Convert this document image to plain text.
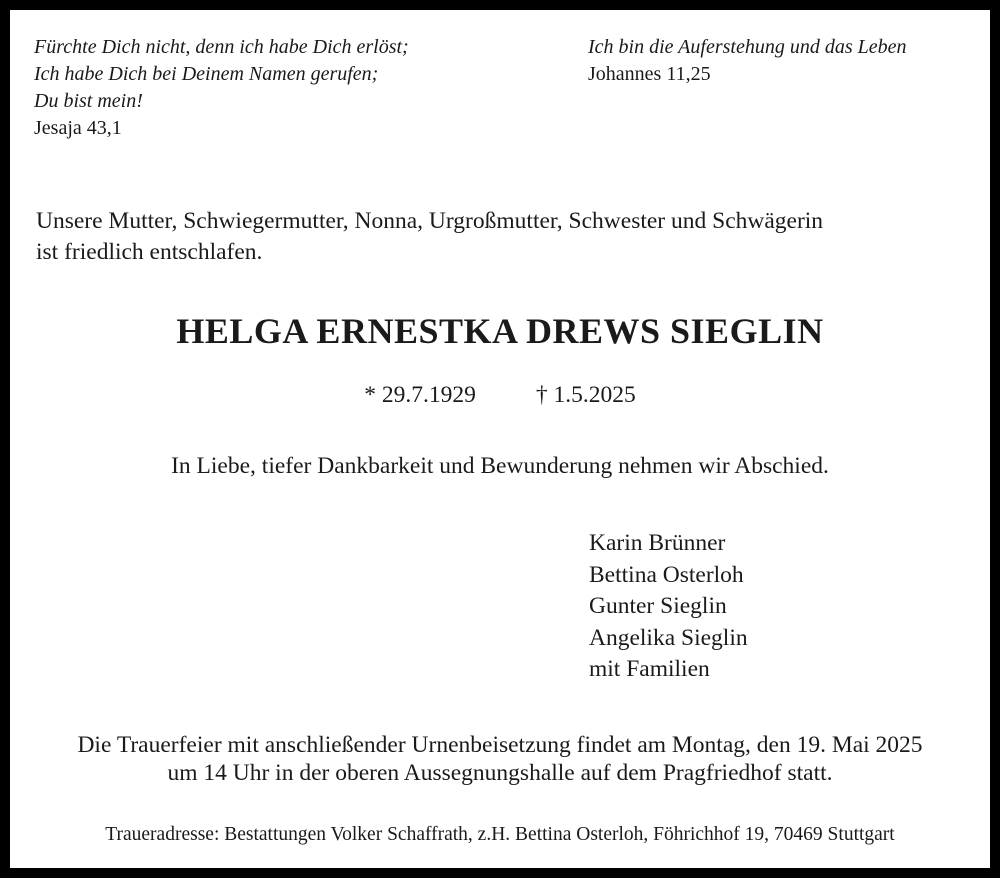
Fürchte Dich nicht, denn ich habe Dich erlöst;
Ich habe Dich bei Deinem Namen gerufen;
Du bist mein!
Jesaja 43,1
Ich bin die Auferstehung und das Leben
Johannes 11,25
Unsere Mutter, Schwiegermutter, Nonna, Urgroßmutter, Schwester und Schwägerin
ist friedlich entschlafen.
HELGA ERNESTKA DREWS SIEGLIN
* 29.7.1929	† 1.5.2025
In Liebe, tiefer Dankbarkeit und Bewunderung nehmen wir Abschied.
Karin Brünner
Bettina Osterloh
Gunter Sieglin
Angelika Sieglin
mit Familien
Die Trauerfeier mit anschließender Urnenbeisetzung findet am Montag, den 19. Mai 2025
um 14 Uhr in der oberen Aussegnungshalle auf dem Pragfriedhof statt.
Traueradresse: Bestattungen Volker Schaffrath, z.H. Bettina Osterloh, Föhrichhof 19, 70469 Stuttgart
